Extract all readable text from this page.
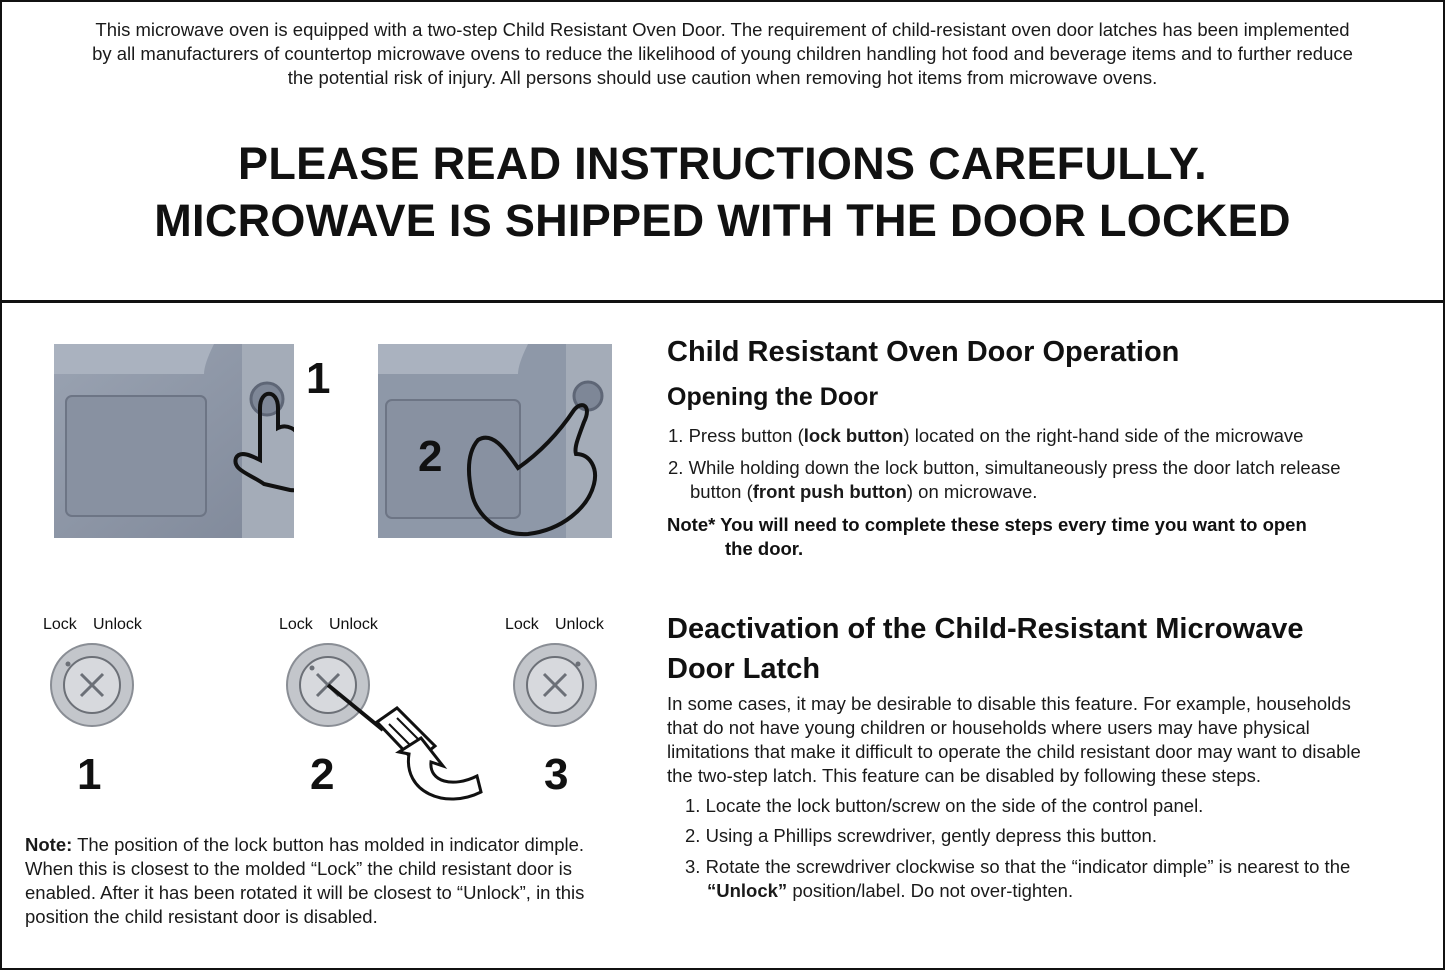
This microwave oven is equipped with a two-step Child Resistant Oven Door. The requirement of child-resistant oven door latches has been implemented
by all manufacturers of countertop microwave ovens to reduce the likelihood of young children handling hot food and beverage items and to further reduce
the potential risk of injury. All persons should use caution when removing hot items from microwave ovens.
PLEASE READ INSTRUCTIONS CAREFULLY.
MICROWAVE IS SHIPPED WITH THE DOOR LOCKED
1
2
Lock Unlock
1
Lock Unlock
2
Lock Unlock
3
Note: The position of the lock button has molded in indicator dimple.
When this is closest to the molded “Lock” the child resistant door is
enabled. After it has been rotated it will be closest to “Unlock”, in this
position the child resistant door is disabled.
Child Resistant Oven Door Operation
Opening the Door
1. Press button (lock button) located on the right-hand side of the microwave
2. While holding down the lock button, simultaneously press the door latch release
button (front push button) on microwave.
Note* You will need to complete these steps every time you want to open
the door.
Deactivation of the Child-Resistant Microwave
Door Latch
In some cases, it may be desirable to disable this feature. For example, households
that do not have young children or households where users may have physical
limitations that make it difficult to operate the child resistant door may want to disable
the two-step latch. This feature can be disabled by following these steps.
1. Locate the lock button/screw on the side of the control panel.
2. Using a Phillips screwdriver, gently depress this button.
3. Rotate the screwdriver clockwise so that the “indicator dimple” is nearest to the
“Unlock” position/label. Do not over-tighten.
